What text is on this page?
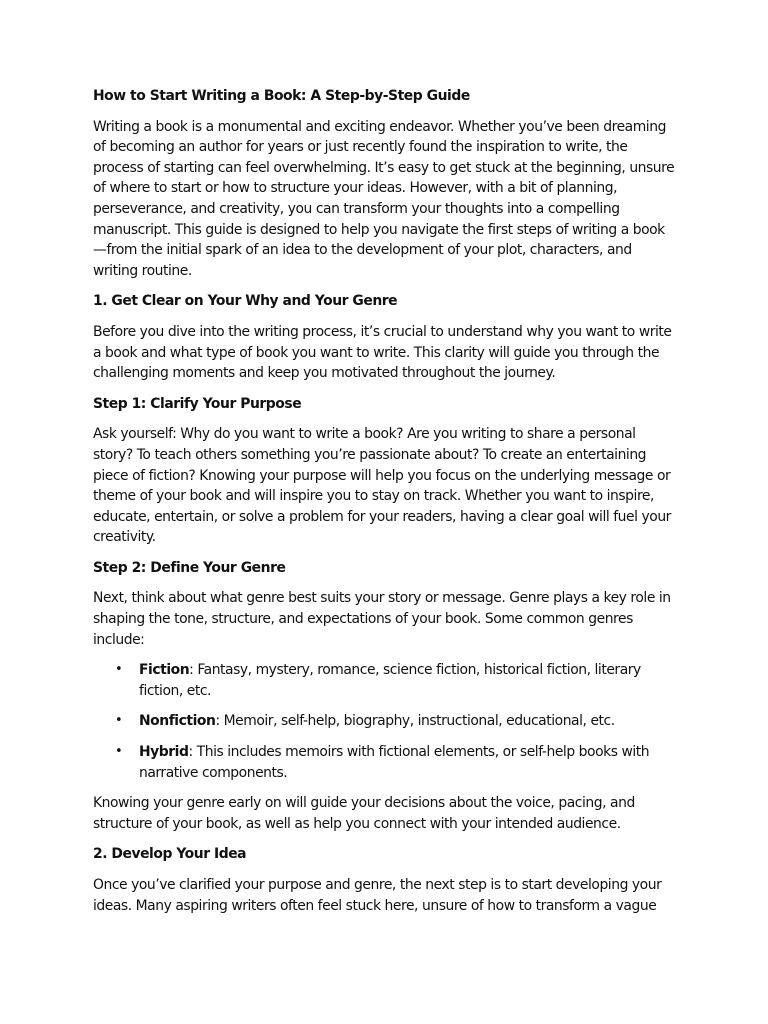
How to Start Writing a Book: A Step-by-Step Guide

Writing a book is a monumental and exciting endeavor. Whether you’ve been dreaming of becoming an author for years or just recently found the inspiration to write, the process of starting can feel overwhelming. It’s easy to get stuck at the beginning, unsure of where to start or how to structure your ideas. However, with a bit of planning, perseverance, and creativity, you can transform your thoughts into a compelling manuscript. This guide is designed to help you navigate the first steps of writing a book—from the initial spark of an idea to the development of your plot, characters, and writing routine.

1. Get Clear on Your Why and Your Genre

Before you dive into the writing process, it’s crucial to understand why you want to write a book and what type of book you want to write. This clarity will guide you through the challenging moments and keep you motivated throughout the journey.

Step 1: Clarify Your Purpose

Ask yourself: Why do you want to write a book? Are you writing to share a personal story? To teach others something you’re passionate about? To create an entertaining piece of fiction? Knowing your purpose will help you focus on the underlying message or theme of your book and will inspire you to stay on track. Whether you want to inspire, educate, entertain, or solve a problem for your readers, having a clear goal will fuel your creativity.

Step 2: Define Your Genre

Next, think about what genre best suits your story or message. Genre plays a key role in shaping the tone, structure, and expectations of your book. Some common genres include:

• Fiction: Fantasy, mystery, romance, science fiction, historical fiction, literary fiction, etc.
• Nonfiction: Memoir, self-help, biography, instructional, educational, etc.
• Hybrid: This includes memoirs with fictional elements, or self-help books with narrative components.

Knowing your genre early on will guide your decisions about the voice, pacing, and structure of your book, as well as help you connect with your intended audience.

2. Develop Your Idea

Once you’ve clarified your purpose and genre, the next step is to start developing your ideas. Many aspiring writers often feel stuck here, unsure of how to transform a vague
